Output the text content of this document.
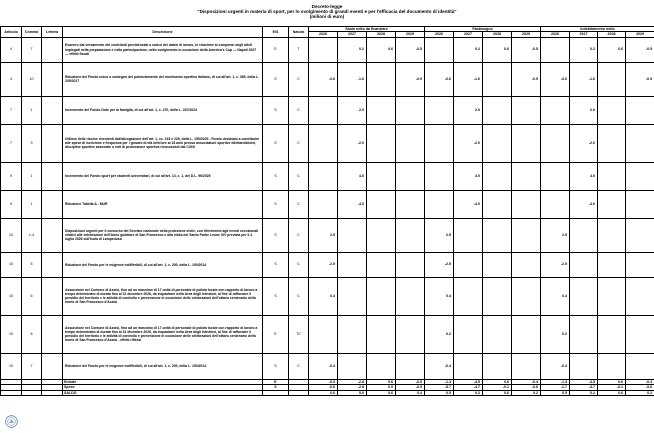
Decreto-legge
"Disposizioni urgenti in materia di sport, per lo svolgimento di grandi eventi e per l'efficacia del documento di identità"
(milioni di euro)
Articolo	Comma	Lettera	Descrizione	E/S	Natura	Saldo netto da finanziare				Fabbisogno				Indebitamento netto			
						2026	2027	2028	2029	2026	2027	2028	2029	2026	2027	2028	2029
4	7		Esonero dal versamento dei contributi previdenziali a carico dei datori di lavoro, in relazione ai compensi degli atleti impiegati nella preparazione e nella partecipazione, nello svolgimento in occasione della America's Cup — Napoli 2027 — effetti fiscali	E	T		0.2	0.6	-0.5		0.2	0.6	-0.5		0.2	0.6	-0.5
4	10		Riduzione del Fondo unico a sostegno del potenziamento del movimento sportivo italiano, di cui all'art. 1, c. 369, della L. 205/2017	S	C	-0.6	-1.6		-0.9	-0.6	-1.6		-0.9	-0.6	-1.6		-0.9
7	1		Incremento del Fondo Dote per la famiglia, di cui all'art. 1, c. 270, della L. 207/2024	S	C		2.0				2.0				2.0		
7	3		Utilizzo delle risorse rivenienti dall'abrogazione dell'art. 1, cc. 215 e 226, della L. 159/2025 - Fondo destinato a contribuire alle spese di iscrizione e frequenza per i giovani di età inferiore ai 18 anni presso associazioni sportive dilettantistiche, discipline sportive associate o enti di promozione sportiva riconosciuti dal CONI	S	C		-2.0				-2.0				-2.0		
9	1		Incremento del Fondo sport per studenti universitari, di cui all'art. 13, c. 1, del D.L. 96/2025	S	C		4.0				4.0				4.0		
9	1		Riduzione Tabella A - MUR	S	C		-4.0				-4.0				-4.0		
10	1-4		Disposizioni urgenti per il concorso del Servizio nazionale della protezione civile, con riferimento agli eventi eccezionali relativi alle celebrazioni dell'Anno giubilare di San Francesco e alla visita del Santo Padre Leone XIV prevista per il 4 luglio 2026 sull'isola di Lampedusa	S	C	2.5				2.5				2.5			
10	5		Riduzione del Fondo per le esigenze indifferibili, di cui all'art. 1, c. 200, della L. 190/2014	S	C	-2.5				-2.5				-2.5			
10	6		Assunzione nel Comune di Assisi, fino ad un massimo di 17 unità di personale di polizia locale con rapporto di lavoro a tempo determinato di durata fino al 31 dicembre 2026, da inquadrare nella Area degli Istruttori, al fine di rafforzare il presidio del territorio e le attività di controllo e prevenzione in occasione delle celebrazioni dell'ottavo centenario della morte di San Francesco d'Assisi	S	C	0.4				0.4				0.4			
10	6		Assunzione nel Comune di Assisi, fino ad un massimo di 17 unità di personale di polizia locale con rapporto di lavoro a tempo determinato di durata fino al 31 dicembre 2026, da inquadrare nella Area degli Istruttori, al fine di rafforzare il presidio del territorio e le attività di controllo e prevenzione in occasione delle celebrazioni dell'ottavo centenario della morte di San Francesco d'Assisi - effetti riflessi	E	TC					0.2				0.2			
10	7		Riduzione del Fondo per le esigenze indifferibili, di cui all'art. 1, c. 200, della L. 190/2014	S	C	-0.4				-0.4				-0.4			
			Entrate	E		-0.0	-2.8	0.6	-0.5	-1.3	-4.5	0.6	-0.4	-1.3	-4.5	0.6	-0.4
			Spese	S		-0.6	-2.8	0.0	-0.9	-5.7	-4.7	-0.1	-0.6	-1.7	-4.7	-0.1	-0.6
			SALDO			0.6	0.0	0.6	0.4	0.5	0.2	0.6	0.2	0.5	0.2	0.6	0.2
